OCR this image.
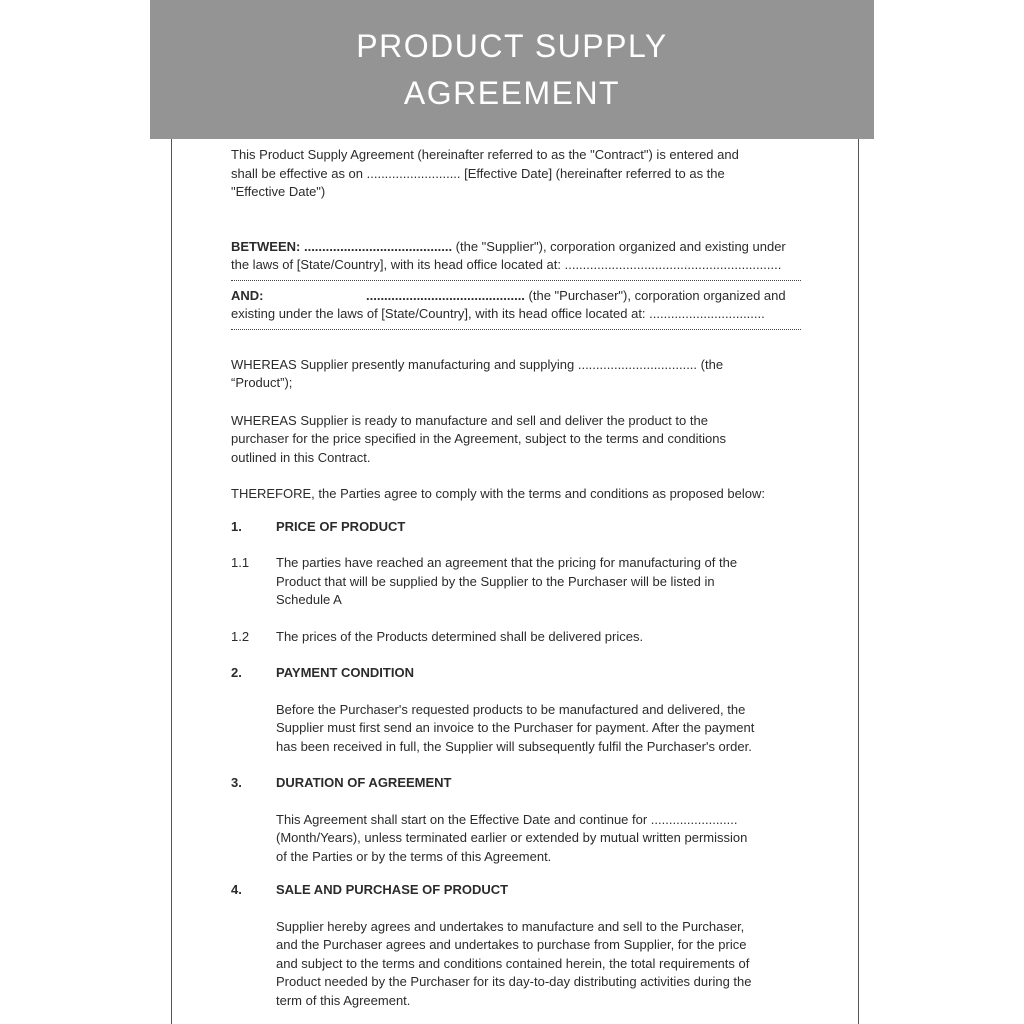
PRODUCT SUPPLY
AGREEMENT

This Product Supply Agreement (hereinafter referred to as the "Contract") is entered and
shall be effective as on .......................... [Effective Date] (hereinafter referred to as the
"Effective Date")

BETWEEN: ......................................... (the "Supplier"), corporation organized and existing under
the laws of [State/Country], with its head office located at: ............................................................

AND:	............................................ (the "Purchaser"), corporation organized and
existing under the laws of [State/Country], with its head office located at: ................................

WHEREAS Supplier presently manufacturing and supplying ................................. (the
“Product”);

WHEREAS Supplier is ready to manufacture and sell and deliver the product to the
purchaser for the price specified in the Agreement, subject to the terms and conditions
outlined in this Contract.

THEREFORE, the Parties agree to comply with the terms and conditions as proposed below:

1.	PRICE OF PRODUCT
1.1	The parties have reached an agreement that the pricing for manufacturing of the
Product that will be supplied by the Supplier to the Purchaser will be listed in
Schedule A
1.2	The prices of the Products determined shall be delivered prices.
2.	PAYMENT CONDITION

Before the Purchaser's requested products to be manufactured and delivered, the
Supplier must first send an invoice to the Purchaser for payment. After the payment
has been received in full, the Supplier will subsequently fulfil the Purchaser's order.

3.	DURATION OF AGREEMENT

This Agreement shall start on the Effective Date and continue for ........................
(Month/Years), unless terminated earlier or extended by mutual written permission
of the Parties or by the terms of this Agreement.

4.	SALE AND PURCHASE OF PRODUCT

Supplier hereby agrees and undertakes to manufacture and sell to the Purchaser,
and the Purchaser agrees and undertakes to purchase from Supplier, for the price
and subject to the terms and conditions contained herein, the total requirements of
Product needed by the Purchaser for its day-to-day distributing activities during the
term of this Agreement.
